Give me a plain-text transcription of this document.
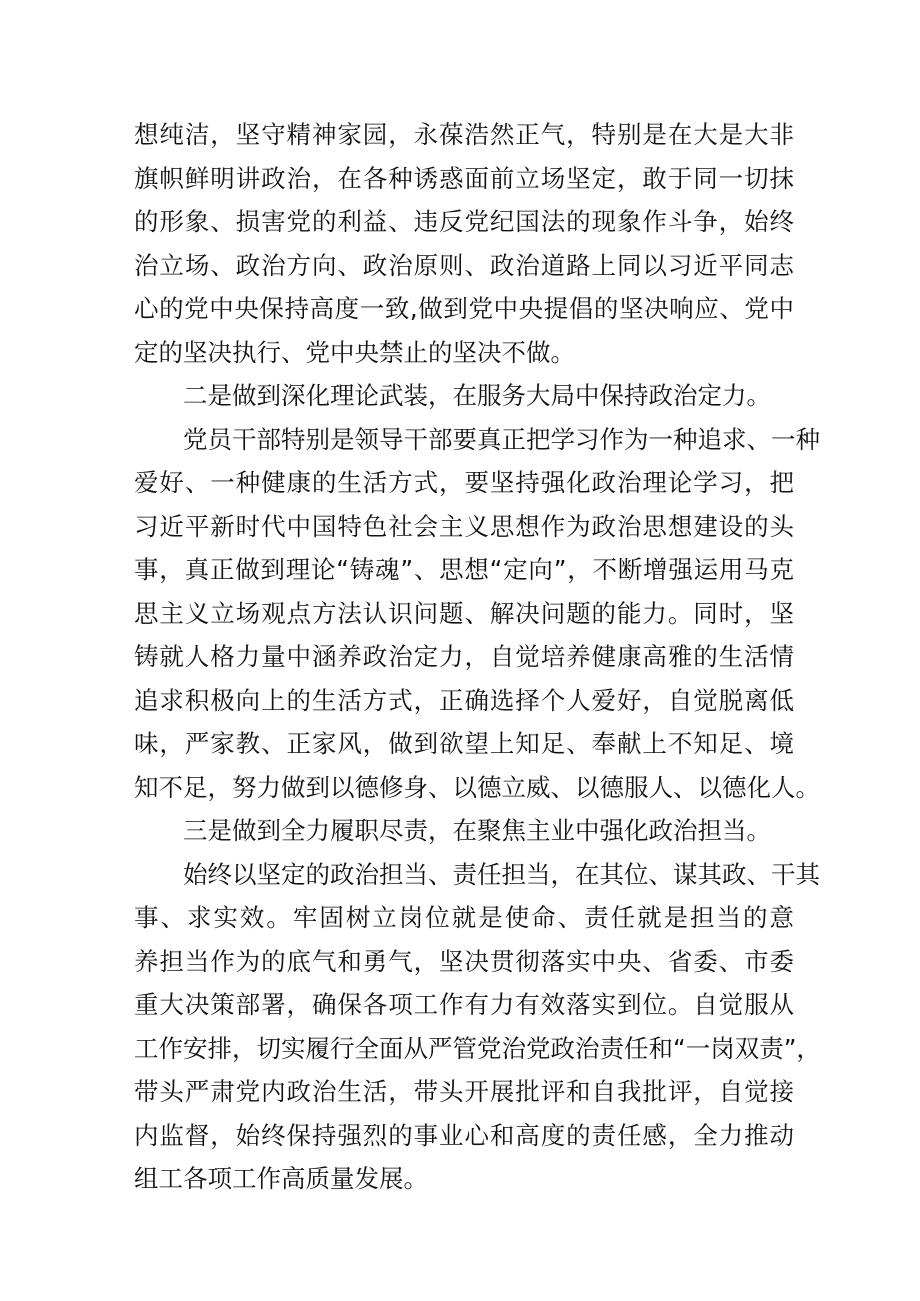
想纯洁，坚守精神家园，永葆浩然正气，特别是在大是大非
旗帜鲜明讲政治，在各种诱惑面前立场坚定，敢于同一切抹
的形象、损害党的利益、违反党纪国法的现象作斗争，始终
治立场、政治方向、政治原则、政治道路上同以习近平同志
心的党中央保持高度一致,做到党中央提倡的坚决响应、党中
定的坚决执行、党中央禁止的坚决不做。
二是做到深化理论武装，在服务大局中保持政治定力。
党员干部特别是领导干部要真正把学习作为一种追求、一种
爱好、一种健康的生活方式，要坚持强化政治理论学习，把
习近平新时代中国特色社会主义思想作为政治思想建设的头
事，真正做到理论“铸魂”、思想“定向”，不断增强运用马克
思主义立场观点方法认识问题、解决问题的能力。同时，坚
铸就人格力量中涵养政治定力，自觉培养健康高雅的生活情
追求积极向上的生活方式，正确选择个人爱好，自觉脱离低
味，严家教、正家风，做到欲望上知足、奉献上不知足、境
知不足，努力做到以德修身、以德立威、以德服人、以德化人。
三是做到全力履职尽责，在聚焦主业中强化政治担当。
始终以坚定的政治担当、责任担当，在其位、谋其政、干其
事、求实效。牢固树立岗位就是使命、责任就是担当的意
养担当作为的底气和勇气，坚决贯彻落实中央、省委、市委
重大决策部署，确保各项工作有力有效落实到位。自觉服从
工作安排，切实履行全面从严管党治党政治责任和“一岗双责”，
带头严肃党内政治生活，带头开展批评和自我批评，自觉接
内监督，始终保持强烈的事业心和高度的责任感，全力推动
组工各项工作高质量发展。
